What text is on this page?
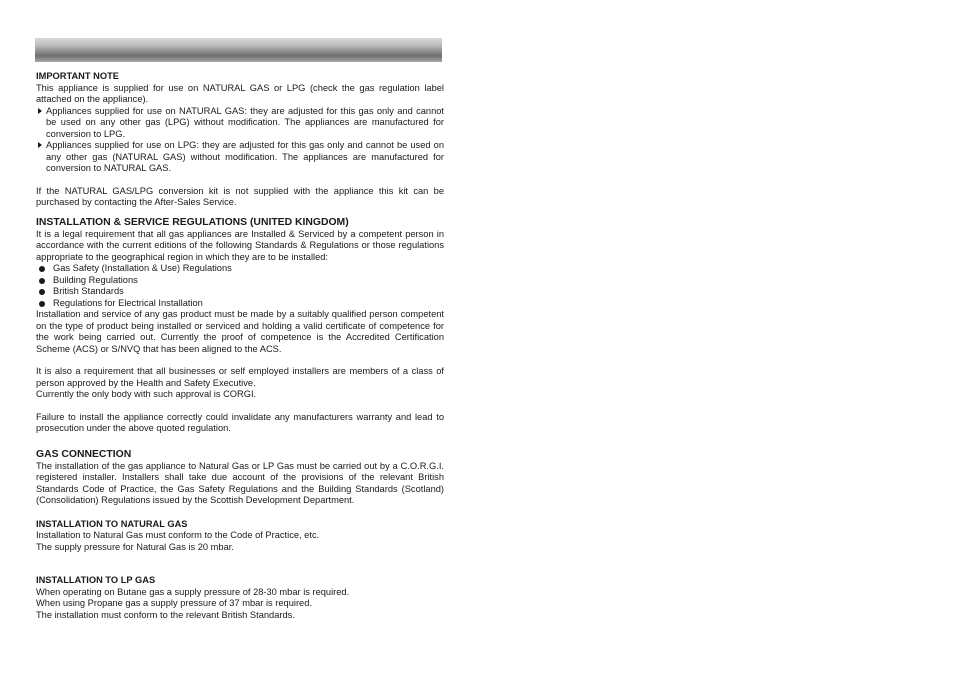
IMPORTANT NOTE

This appliance is supplied for use on NATURAL GAS or LPG (check the gas regulation label attached on the appliance).

Appliances supplied for use on NATURAL GAS: they are adjusted for this gas only and cannot be used on any other gas (LPG) without modification. The appliances are manufactured for conversion to LPG.
Appliances supplied for use on LPG: they are adjusted for this gas only and cannot be used on any other gas (NATURAL GAS) without modification. The appliances are manufactured for conversion to NATURAL GAS.

If the NATURAL GAS/LPG conversion kit is not supplied with the appliance this kit can be purchased by contacting the After-Sales Service.

INSTALLATION & SERVICE REGULATIONS (UNITED KINGDOM)

It is a legal requirement that all gas appliances are Installed & Serviced by a competent person in accordance with the current editions of the following Standards & Regulations or those regulations appropriate to the geographical region in which they are to be installed:

Gas Safety (Installation & Use) Regulations
Building Regulations
British Standards
Regulations for Electrical Installation

Installation and service of any gas product must be made by a suitably qualified person competent on the type of product being installed or serviced and holding a valid certificate of competence for the work being carried out. Currently the proof of competence is the Accredited Certification Scheme (ACS) or S/NVQ that has been aligned to the ACS.

It is also a requirement that all businesses or self employed installers are members of a class of person approved by the Health and Safety Executive.

Currently the only body with such approval is CORGI.

Failure to install the appliance correctly could invalidate any manufacturers warranty and lead to prosecution under the above quoted regulation.

GAS CONNECTION

The installation of the gas appliance to Natural Gas or LP Gas must be carried out by a C.O.R.G.I. registered installer. Installers shall take due account of the provisions of the relevant British Standards Code of Practice, the Gas Safety Regulations and the Building Standards (Scotland)(Consolidation) Regulations issued by the Scottish Development Department.

INSTALLATION TO NATURAL GAS
Installation to Natural Gas must conform to the Code of Practice, etc.
The supply pressure for Natural Gas is 20 mbar.
INSTALLATION TO LP GAS
When operating on Butane gas a supply pressure of 28-30 mbar is required.
When using Propane gas a supply pressure of 37 mbar is required.
The installation must conform to the relevant British Standards.
